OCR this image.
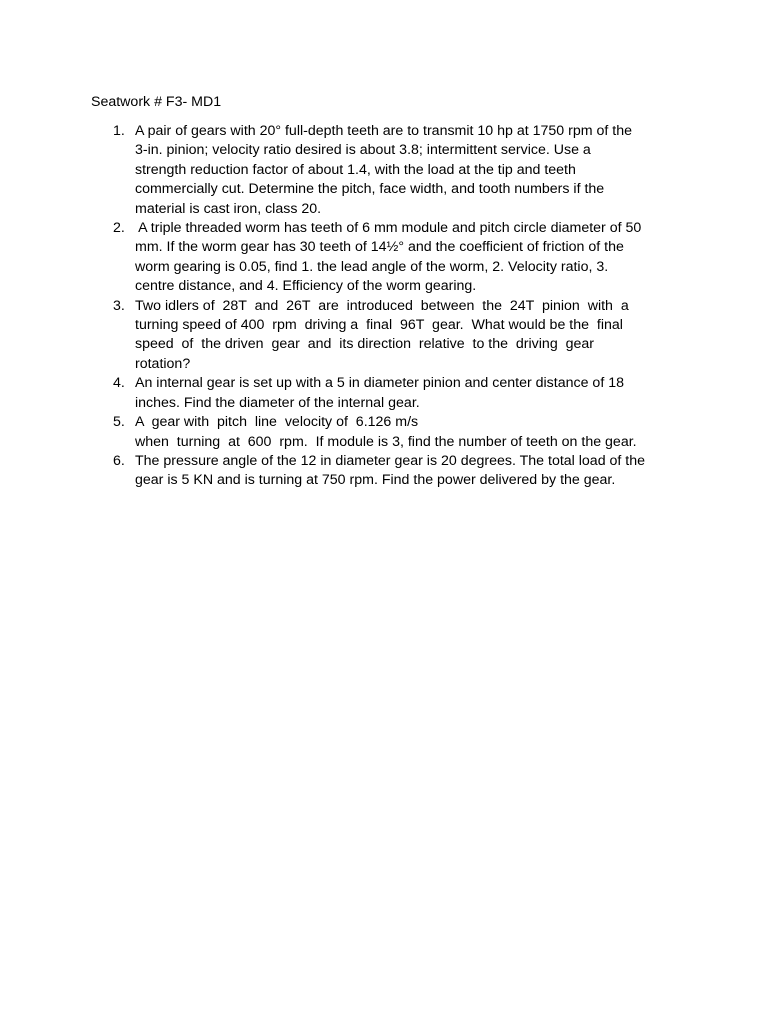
Seatwork # F3- MD1
1. A pair of gears with 20° full-depth teeth are to transmit 10 hp at 1750 rpm of the
3-in. pinion; velocity ratio desired is about 3.8; intermittent service. Use a
strength reduction factor of about 1.4, with the load at the tip and teeth
commercially cut. Determine the pitch, face width, and tooth numbers if the
material is cast iron, class 20.
2. A triple threaded worm has teeth of 6 mm module and pitch circle diameter of 50
mm. If the worm gear has 30 teeth of 14½° and the coefficient of friction of the
worm gearing is 0.05, find 1. the lead angle of the worm, 2. Velocity ratio, 3.
centre distance, and 4. Efficiency of the worm gearing.
3. Two idlers of  28T  and  26T  are  introduced  between  the  24T  pinion  with  a
turning speed of 400  rpm  driving a  final  96T  gear.  What would be the  final
speed  of  the driven  gear  and  its direction  relative  to the  driving  gear
rotation?
4. An internal gear is set up with a 5 in diameter pinion and center distance of 18
inches. Find the diameter of the internal gear.
5. A  gear with  pitch  line  velocity of  6.126 m/s
when  turning  at  600  rpm.  If module is 3, find the number of teeth on the gear.
6. The pressure angle of the 12 in diameter gear is 20 degrees. The total load of the
gear is 5 KN and is turning at 750 rpm. Find the power delivered by the gear.
